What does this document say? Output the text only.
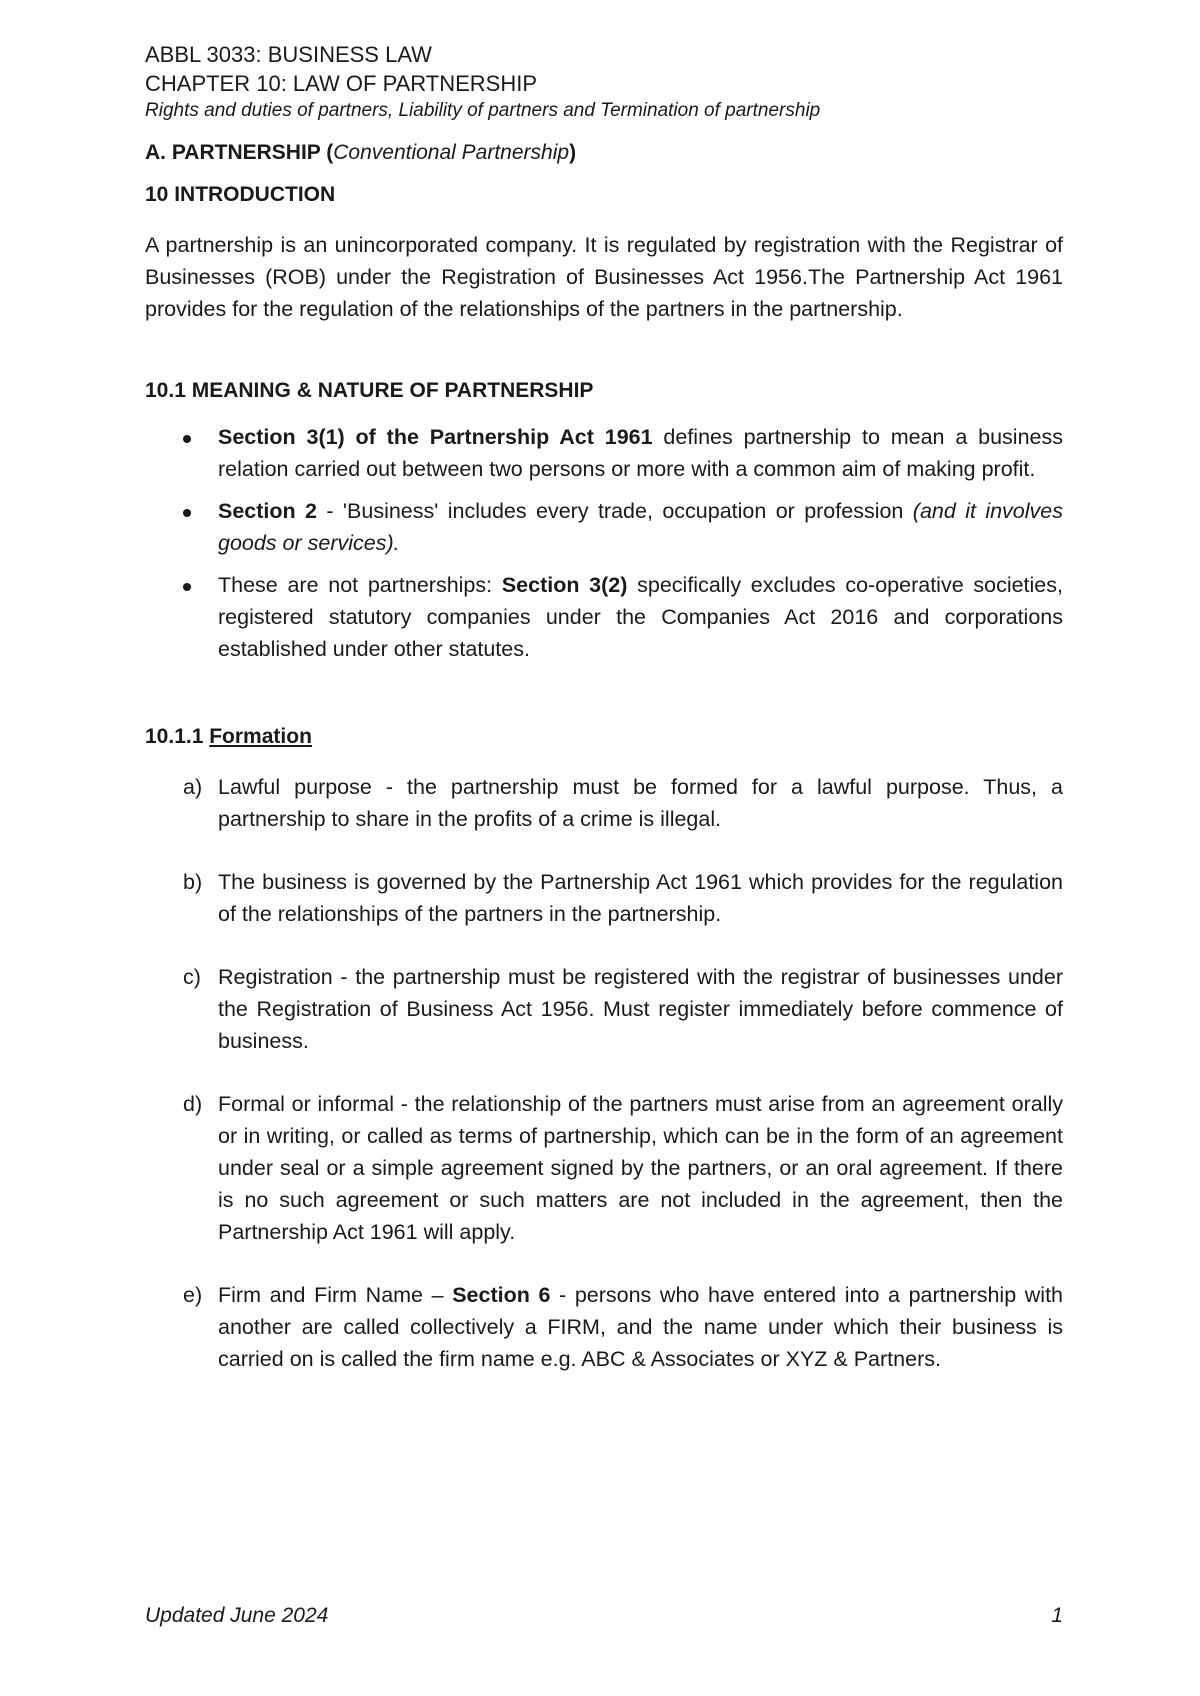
ABBL 3033: BUSINESS LAW

CHAPTER 10: LAW OF PARTNERSHIP

Rights and duties of partners, Liability of partners and Termination of partnership

A. PARTNERSHIP (Conventional Partnership)

10 INTRODUCTION

A partnership is an unincorporated company. It is regulated by registration with the Registrar of Businesses (ROB) under the Registration of Businesses Act 1956.The Partnership Act 1961 provides for the regulation of the relationships of the partners in the partnership.

10.1 MEANING & NATURE OF PARTNERSHIP

Section 3(1) of the Partnership Act 1961 defines partnership to mean a business relation carried out between two persons or more with a common aim of making profit.
Section 2 - 'Business' includes every trade, occupation or profession (and it involves goods or services).
These are not partnerships: Section 3(2) specifically excludes co-operative societies, registered statutory companies under the Companies Act 2016 and corporations established under other statutes.

10.1.1 Formation

a) Lawful purpose - the partnership must be formed for a lawful purpose. Thus, a partnership to share in the profits of a crime is illegal.
b) The business is governed by the Partnership Act 1961 which provides for the regulation of the relationships of the partners in the partnership.
c) Registration - the partnership must be registered with the registrar of businesses under the Registration of Business Act 1956. Must register immediately before commence of business.
d) Formal or informal - the relationship of the partners must arise from an agreement orally or in writing, or called as terms of partnership, which can be in the form of an agreement under seal or a simple agreement signed by the partners, or an oral agreement. If there is no such agreement or such matters are not included in the agreement, then the Partnership Act 1961 will apply.
e) Firm and Firm Name – Section 6 - persons who have entered into a partnership with another are called collectively a FIRM, and the name under which their business is carried on is called the firm name e.g. ABC & Associates or XYZ & Partners.
Updated June 2024	1
